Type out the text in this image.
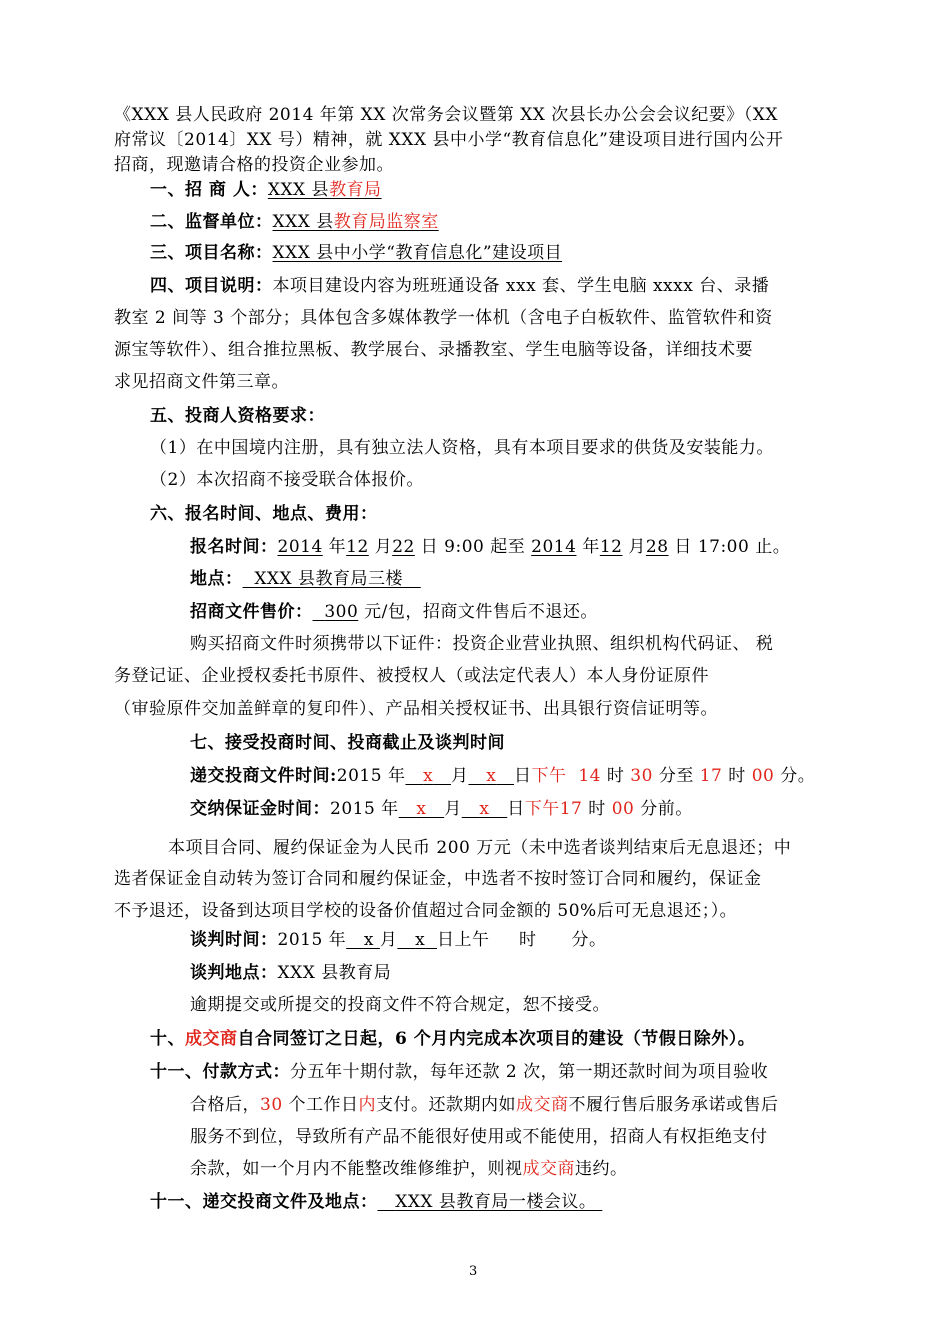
《XXX 县人民政府 2014 年第 XX 次常务会议暨第 XX 次县长办公会会议纪要》（XX
府常议〔2014〕XX 号）精神，就 XXX 县中小学“教育信息化”建设项目进行国内公开
招商，现邀请合格的投资企业参加。
一、招 商 人：XXX 县教育局
二、监督单位：XXX 县教育局监察室
三、项目名称：XXX 县中小学“教育信息化”建设项目
四、项目说明：本项目建设内容为班班通设备 xxx 套、学生电脑 xxxx 台、录播
教室 2 间等 3 个部分；具体包含多媒体教学一体机（含电子白板软件、监管软件和资
源宝等软件）、组合推拉黑板、教学展台、录播教室、学生电脑等设备，详细技术要
求见招商文件第三章。
五、投商人资格要求：
（1）在中国境内注册，具有独立法人资格，具有本项目要求的供货及安装能力。
（2）本次招商不接受联合体报价。
六、报名时间、地点、费用：
报名时间：2014 年12 月22 日 9:00 起至 2014 年12 月28 日 17:00 止。
地点： XXX 县教育局三楼
招商文件售价： 300 元/包，招商文件售后不退还。
购买招商文件时须携带以下证件：投资企业营业执照、组织机构代码证、 税
务登记证、企业授权委托书原件、被授权人（或法定代表人）本人身份证原件
（审验原件交加盖鲜章的复印件）、产品相关授权证书、出具银行资信证明等。
七、接受投商时间、投商截止及谈判时间
递交投商文件时间:2015 年 x 月 x 日下午 14 时 30 分至 17 时 00 分。
交纳保证金时间：2015 年 x 月 x 日下午17 时 00 分前。
本项目合同、履约保证金为人民币 200 万元（未中选者谈判结束后无息退还；中
选者保证金自动转为签订合同和履约保证金，中选者不按时签订合同和履约，保证金
不予退还，设备到达项目学校的设备价值超过合同金额的 50%后可无息退还；）。
谈判时间：2015 年 x 月 x 日上午 时　　分。
谈判地点：XXX 县教育局
逾期提交或所提交的投商文件不符合规定，恕不接受。
十、成交商自合同签订之日起，6 个月内完成本次项目的建设（节假日除外）。
十一、付款方式：分五年十期付款，每年还款 2 次，第一期还款时间为项目验收
合格后，30 个工作日内支付。还款期内如成交商不履行售后服务承诺或售后
服务不到位，导致所有产品不能很好使用或不能使用，招商人有权拒绝支付
余款，如一个月内不能整改维修维护，则视成交商违约。
十一、递交投商文件及地点： XXX 县教育局一楼会议。
3
